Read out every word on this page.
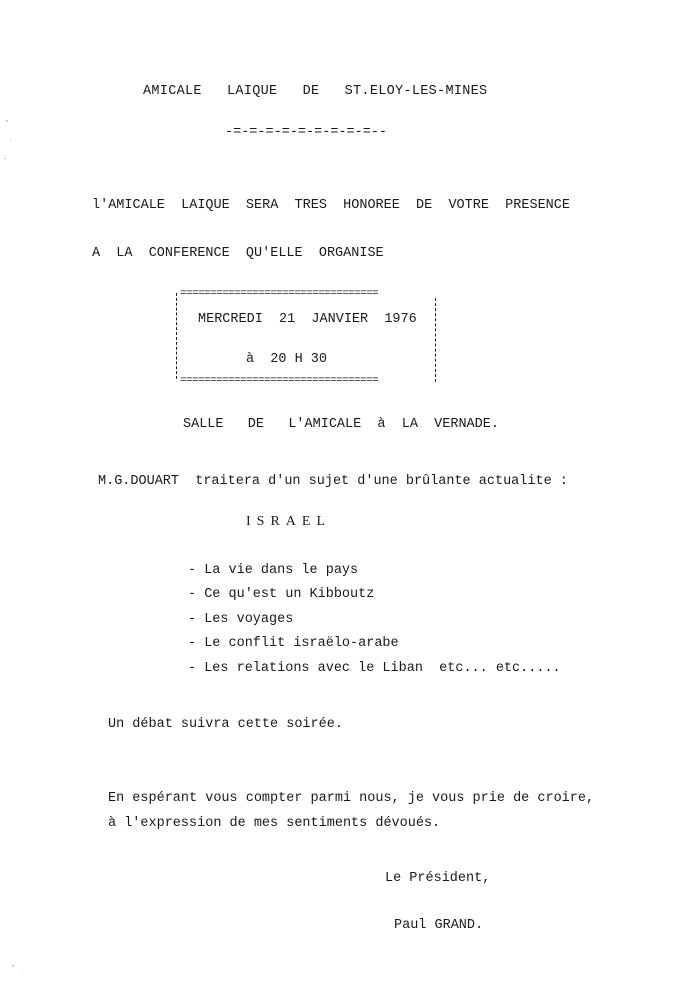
AMICALE   LAIQUE   DE   ST.ELOY-LES-MINES
-=-=-=-=-=-=-=-=-=--
l'AMICALE  LAIQUE  SERA  TRES  HONOREE  DE  VOTRE  PRESENCE
A  LA  CONFERENCE  QU'ELLE  ORGANISE
=================================
MERCREDI  21  JANVIER  1976
à  20 H 30
=================================
SALLE   DE   L'AMICALE  à  LA  VERNADE.
M.G.DOUART  traitera d'un sujet d'une brûlante actualite :
ISRAEL
- La vie dans le pays
- Ce qu'est un Kibboutz
- Les voyages
- Le conflit israëlo-arabe
- Les relations avec le Liban  etc... etc.....
Un débat suivra cette soirée.
En espérant vous compter parmi nous, je vous prie de croire,
à l'expression de mes sentiments dévoués.
Le Président,
Paul GRAND.
